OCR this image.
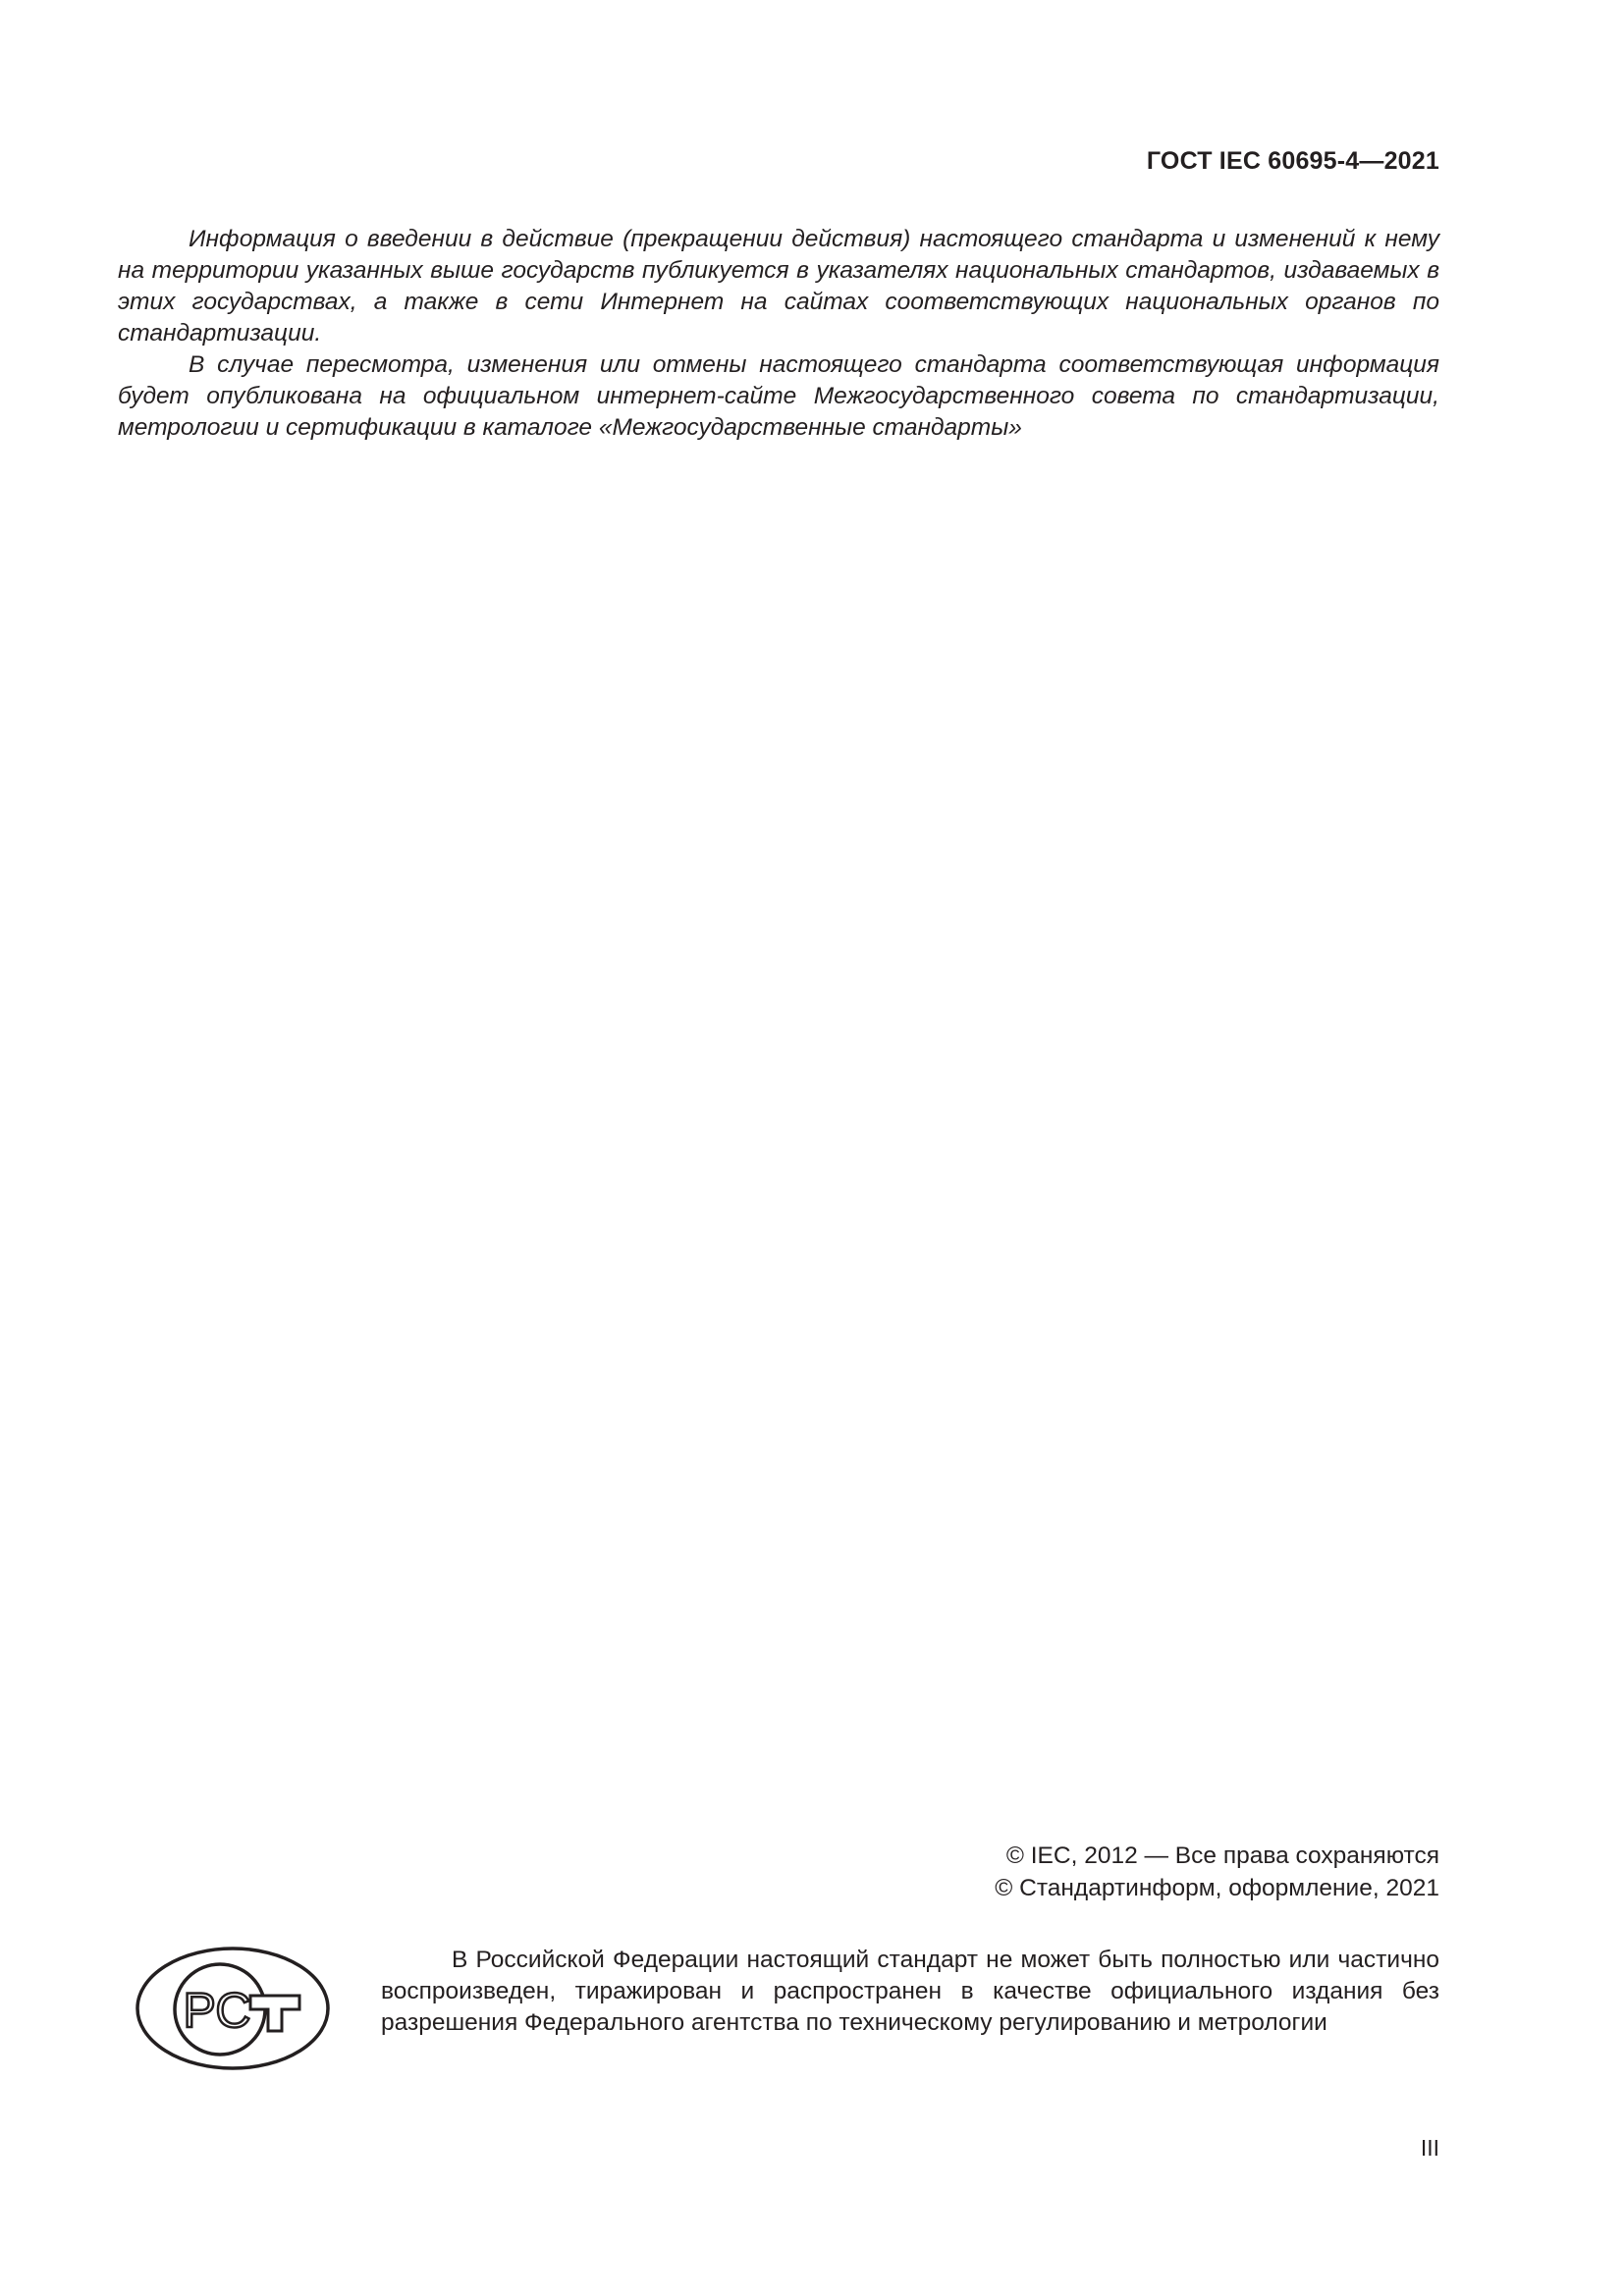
ГОСТ IEC 60695-4—2021

Информация о введении в действие (прекращении действия) настоящего стандарта и изменений к нему на территории указанных выше государств публикуется в указателях национальных стандартов, издаваемых в этих государствах, а также в сети Интернет на сайтах соответствующих национальных органов по стандартизации.

В случае пересмотра, изменения или отмены настоящего стандарта соответствующая информация будет опубликована на официальном интернет-сайте Межгосударственного совета по стандартизации, метрологии и сертификации в каталоге «Межгосударственные стандарты»

© IEC, 2012 — Все права сохраняются
© Стандартинформ, оформление, 2021
РС

В Российской Федерации настоящий стандарт не может быть полностью или частично воспроизведен, тиражирован и распространен в качестве официального издания без разрешения Федерального агентства по техническому регулированию и метрологии

III
